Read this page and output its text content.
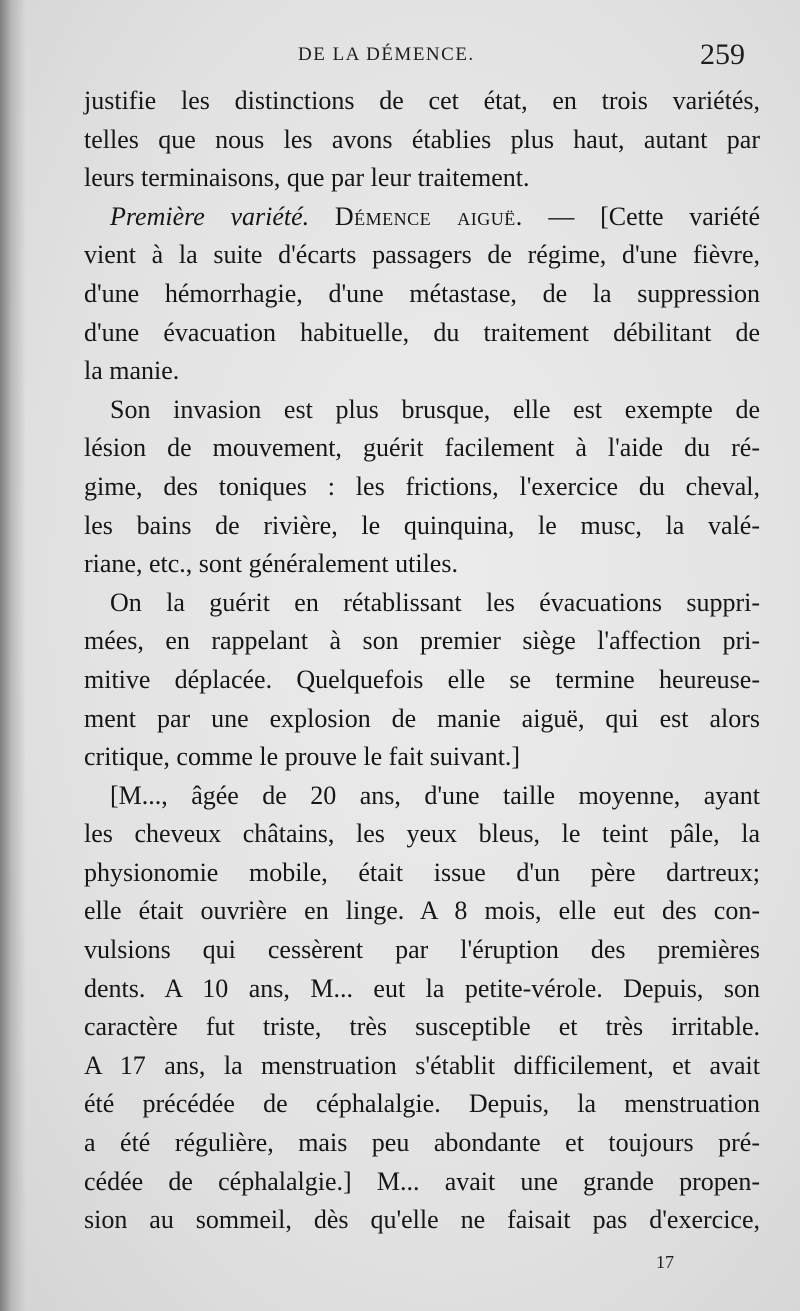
DE LA DÉMENCE.	259
justifie les distinctions de cet état, en trois variétés,
telles que nous les avons établies plus haut, autant par
leurs terminaisons, que par leur traitement.
Première variété. Démence aiguë. — [Cette variété
vient à la suite d'écarts passagers de régime, d'une fièvre,
d'une hémorrhagie, d'une métastase, de la suppression
d'une évacuation habituelle, du traitement débilitant de
la manie.
Son invasion est plus brusque, elle est exempte de
lésion de mouvement, guérit facilement à l'aide du ré-
gime, des toniques : les frictions, l'exercice du cheval,
les bains de rivière, le quinquina, le musc, la valé-
riane, etc., sont généralement utiles.
On la guérit en rétablissant les évacuations suppri-
mées, en rappelant à son premier siège l'affection pri-
mitive déplacée. Quelquefois elle se termine heureuse-
ment par une explosion de manie aiguë, qui est alors
critique, comme le prouve le fait suivant.]
[M..., âgée de 20 ans, d'une taille moyenne, ayant
les cheveux châtains, les yeux bleus, le teint pâle, la
physionomie mobile, était issue d'un père dartreux;
elle était ouvrière en linge. A 8 mois, elle eut des con-
vulsions qui cessèrent par l'éruption des premières
dents. A 10 ans, M... eut la petite-vérole. Depuis, son
caractère fut triste, très susceptible et très irritable.
A 17 ans, la menstruation s'établit difficilement, et avait
été précédée de céphalalgie. Depuis, la menstruation
a été régulière, mais peu abondante et toujours pré-
cédée de céphalalgie.] M... avait une grande propen-
sion au sommeil, dès qu'elle ne faisait pas d'exercice,
17
